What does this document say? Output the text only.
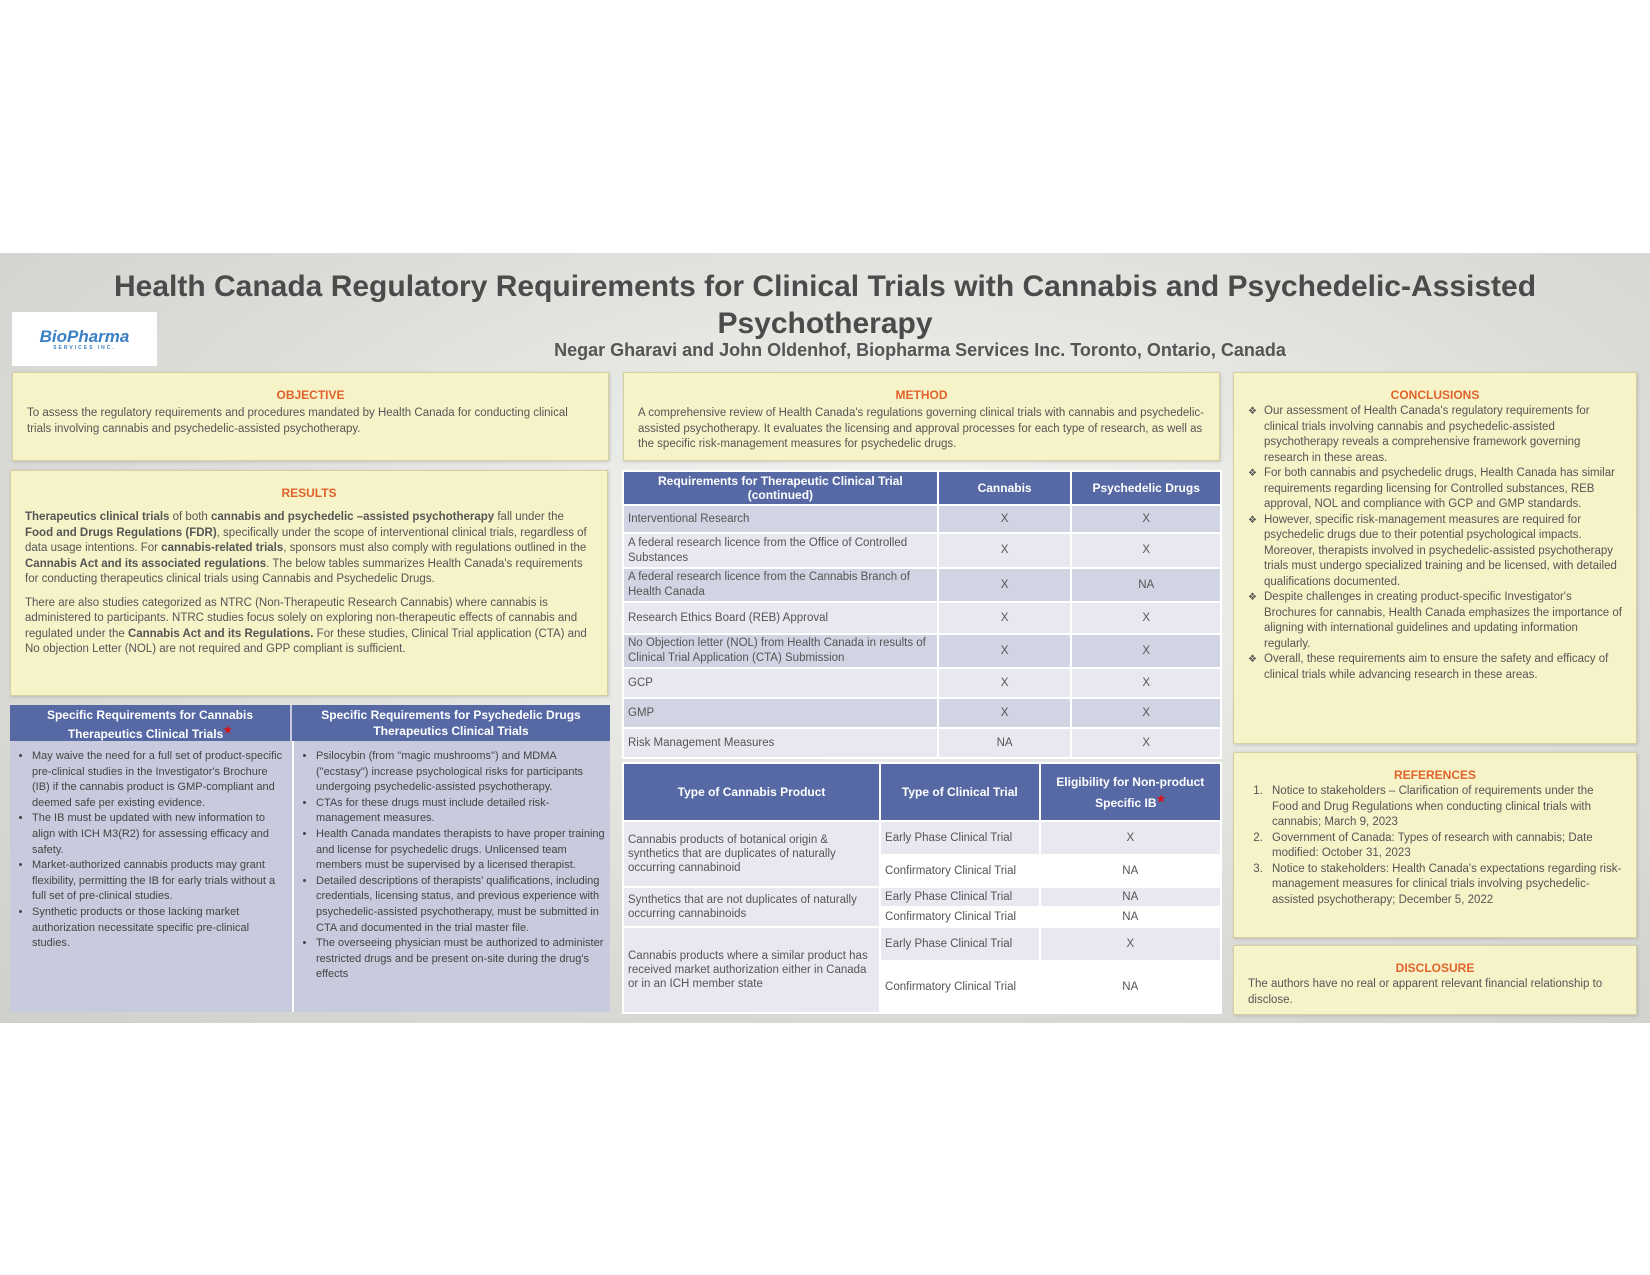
Health Canada Regulatory Requirements for Clinical Trials with Cannabis and Psychedelic-Assisted Psychotherapy
Negar Gharavi and John Oldenhof, Biopharma Services Inc. Toronto, Ontario, Canada
BioPharma
SERVICES INC.
OBJECTIVE

To assess the regulatory requirements and procedures mandated by Health Canada for conducting clinical trials involving cannabis and psychedelic-assisted psychotherapy.

RESULTS

Therapeutics clinical trials of both cannabis and psychedelic –assisted psychotherapy fall under the Food and Drugs Regulations (FDR), specifically under the scope of interventional clinical trials, regardless of data usage intentions. For cannabis-related trials, sponsors must also comply with regulations outlined in the Cannabis Act and its associated regulations. The below tables summarizes Health Canada's requirements for conducting therapeutics clinical trials using Cannabis and Psychedelic Drugs.

There are also studies categorized as NTRC (Non-Therapeutic Research Cannabis) where cannabis is administered to participants. NTRC studies focus solely on exploring non-therapeutic effects of cannabis and regulated under the Cannabis Act and its Regulations. For these studies, Clinical Trial application (CTA) and No objection Letter (NOL) are not required and GPP compliant is sufficient.

Specific Requirements for Cannabis Therapeutics Clinical Trials★
Specific Requirements for Psychedelic Drugs Therapeutics Clinical Trials
• May waive the need for a full set of product-specific pre-clinical studies in the Investigator's Brochure (IB) if the cannabis product is GMP-compliant and deemed safe per existing evidence.
• The IB must be updated with new information to align with ICH M3(R2) for assessing efficacy and safety.
• Market-authorized cannabis products may grant flexibility, permitting the IB for early trials without a full set of pre-clinical studies.
• Synthetic products or those lacking market authorization necessitate specific pre-clinical studies.
• Psilocybin (from "magic mushrooms") and MDMA ("ecstasy") increase psychological risks for participants undergoing psychedelic-assisted psychotherapy.
• CTAs for these drugs must include detailed risk-management measures.
• Health Canada mandates therapists to have proper training and license for psychedelic drugs. Unlicensed team members must be supervised by a licensed therapist.
• Detailed descriptions of therapists' qualifications, including credentials, licensing status, and previous experience with psychedelic-assisted psychotherapy, must be submitted in CTA and documented in the trial master file.
• The overseeing physician must be authorized to administer restricted drugs and be present on-site during the drug's effects
METHOD

A comprehensive review of Health Canada's regulations governing clinical trials with cannabis and psychedelic-assisted psychotherapy. It evaluates the licensing and approval processes for each type of research, as well as the specific risk-management measures for psychedelic drugs.

Requirements for Therapeutic Clinical Trial (continued)	Cannabis	Psychedelic Drugs
Interventional Research	X	X
A federal research licence from the Office of Controlled Substances	X	X
A federal research licence from the Cannabis Branch of Health Canada	X	NA
Research Ethics Board (REB) Approval	X	X
No Objection letter (NOL) from Health Canada in results of Clinical Trial Application (CTA) Submission	X	X
GCP	X	X
GMP	X	X
Risk Management Measures	NA	X
Type of Cannabis Product	Type of Clinical Trial	Eligibility for Non-product Specific IB★
Cannabis products of botanical origin & synthetics that are duplicates of naturally occurring cannabinoid	Early Phase Clinical Trial	X
	Confirmatory Clinical Trial	NA
Synthetics that are not duplicates of naturally occurring cannabinoids	Early Phase Clinical Trial	NA
	Confirmatory Clinical Trial	NA
Cannabis products where a similar product has received market authorization either in Canada or in an ICH member state	Early Phase Clinical Trial	X
	Confirmatory Clinical Trial	NA
CONCLUSIONS
❖ Our assessment of Health Canada's regulatory requirements for clinical trials involving cannabis and psychedelic-assisted psychotherapy reveals a comprehensive framework governing research in these areas.
❖ For both cannabis and psychedelic drugs, Health Canada has similar requirements regarding licensing for Controlled substances, REB approval, NOL and compliance with GCP and GMP standards.
❖ However, specific risk-management measures are required for psychedelic drugs due to their potential psychological impacts. Moreover, therapists involved in psychedelic-assisted psychotherapy trials must undergo specialized training and be licensed, with detailed qualifications documented.
❖ Despite challenges in creating product-specific Investigator's Brochures for cannabis, Health Canada emphasizes the importance of aligning with international guidelines and updating information regularly.
❖ Overall, these requirements aim to ensure the safety and efficacy of clinical trials while advancing research in these areas.
REFERENCES
1. Notice to stakeholders – Clarification of requirements under the Food and Drug Regulations when conducting clinical trials with cannabis; March 9, 2023
2. Government of Canada: Types of research with cannabis; Date modified: October 31, 2023
3. Notice to stakeholders: Health Canada's expectations regarding risk-management measures for clinical trials involving psychedelic-assisted psychotherapy; December 5, 2022
DISCLOSURE

The authors have no real or apparent relevant financial relationship to disclose.
